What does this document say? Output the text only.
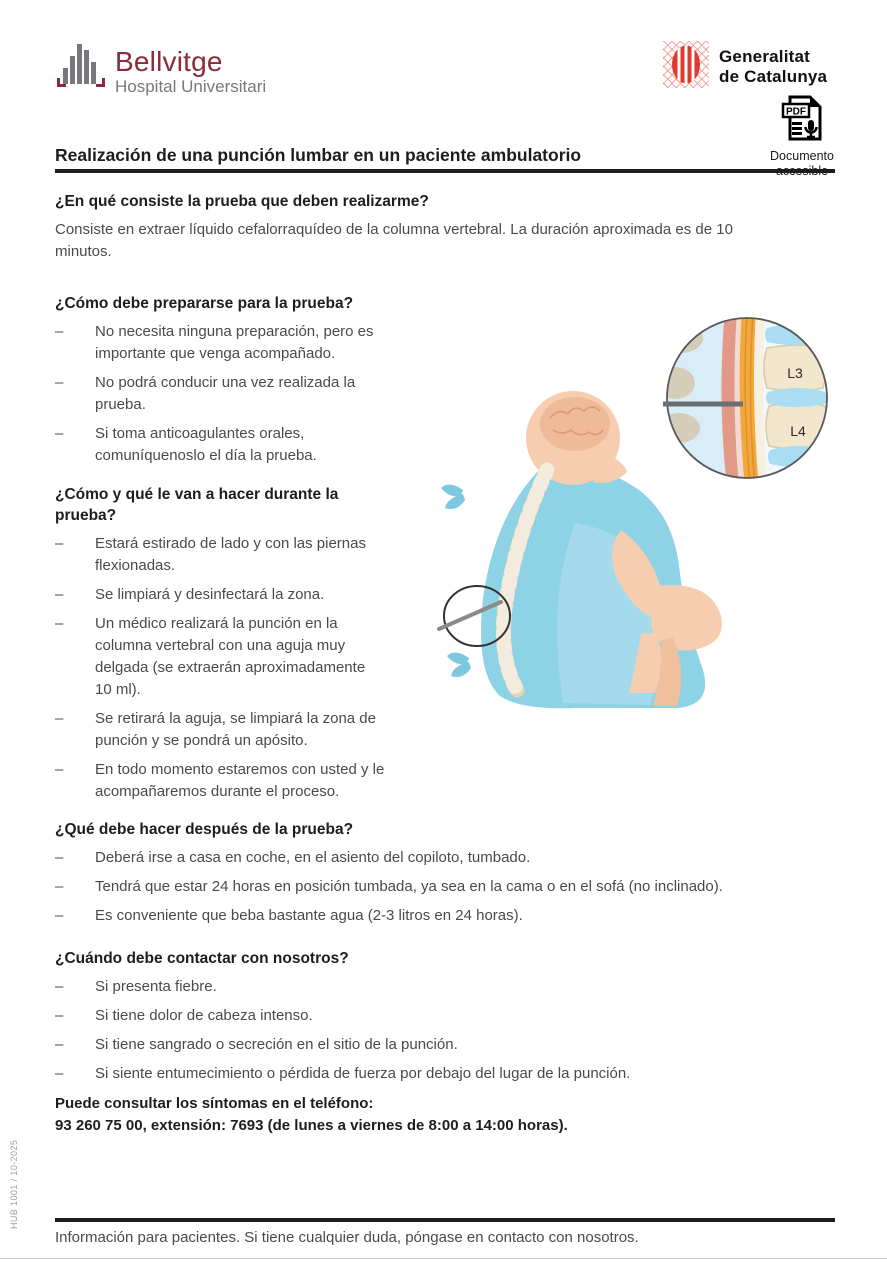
Bellvitge
Hospital Universitari
Generalitat
de Catalunya
PDF
Documento
Realización de una punción lumbar en un paciente ambulatorio
¿En qué consiste la prueba que deben realizarme?

Consiste en extraer líquido cefalorraquídeo de la columna vertebral. La duración aproximada es de 10 minutos.

¿Cómo debe prepararse para la prueba?
–	No necesita ninguna preparación, pero es importante que venga acompañado.
–	No podrá conducir una vez realizada la prueba.
–	Si toma anticoagulantes orales, comuníquenoslo el día la prueba.
¿Cómo y qué le van a hacer durante la prueba?
–	Estará estirado de lado y con las piernas flexionadas.
–	Se limpiará y desinfectará la zona.
–	Un médico realizará la punción en la columna vertebral con una aguja muy delgada (se extraerán aproximadamente 10 ml).
–	Se retirará la aguja, se limpiará la zona de punción y se pondrá un apósito.
–	En todo momento estaremos con usted y le acompañaremos durante el proceso.
L3
L4
¿Qué debe hacer después de la prueba?
–	Deberá irse a casa en coche, en el asiento del copiloto, tumbado.
–	Tendrá que estar 24 horas en posición tumbada, ya sea en la cama o en el sofá (no inclinado).
–	Es conveniente que beba bastante agua (2-3 litros en 24 horas).
¿Cuándo debe contactar con nosotros?
–	Si presenta fiebre.
–	Si tiene dolor de cabeza intenso.
–	Si tiene sangrado o secreción en el sitio de la punción.
–	Si siente entumecimiento o pérdida de fuerza por debajo del lugar de la punción.
Puede consultar los síntomas en el teléfono:
93 260 75 00, extensión: 7693 (de lunes a viernes de 8:00 a 14:00 horas).
Información para pacientes. Si tiene cualquier duda, póngase en contacto con nosotros.
HUB 1001 / 10-2025
